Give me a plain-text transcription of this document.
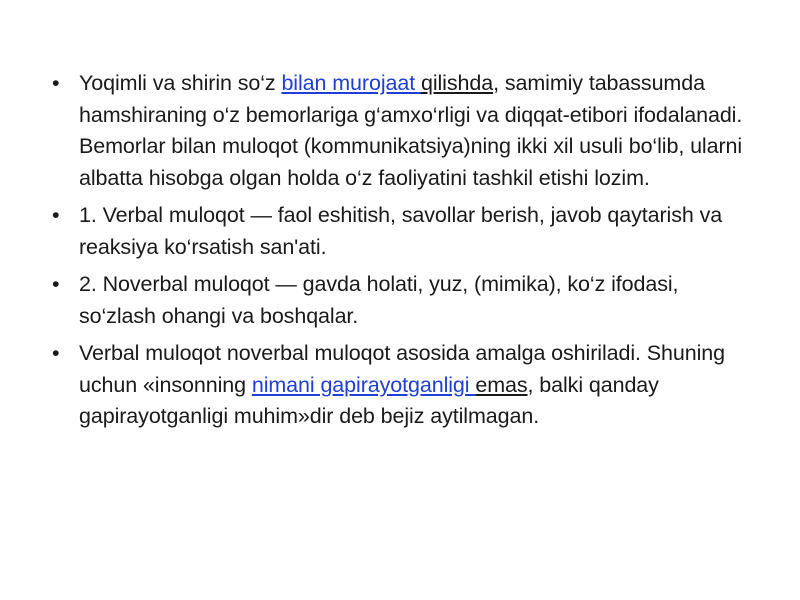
• Yoqimli va shirin so‘z bilan murojaat qilishda, samimiy tabassumda hamshiraning o‘z bemorlariga g‘amxo‘rligi va diqqat-etibori ifodalanadi. Bemorlar bilan muloqot (kommunikatsiya)ning ikki xil usuli bo‘lib, ularni albatta hisobga olgan holda o‘z faoliyatini tashkil etishi lozim.
• 1. Verbal muloqot — faol eshitish, savollar berish, javob qaytarish va reaksiya ko‘rsatish san'ati.
• 2. Noverbal muloqot — gavda holati, yuz, (mimika), ko‘z ifodasi, so‘zlash ohangi va boshqalar.
• Verbal muloqot noverbal muloqot asosida amalga oshiriladi. Shuning uchun «insonning nimani gapirayotganligi emas, balki qanday gapirayotganligi muhim»dir deb bejiz aytilmagan.
